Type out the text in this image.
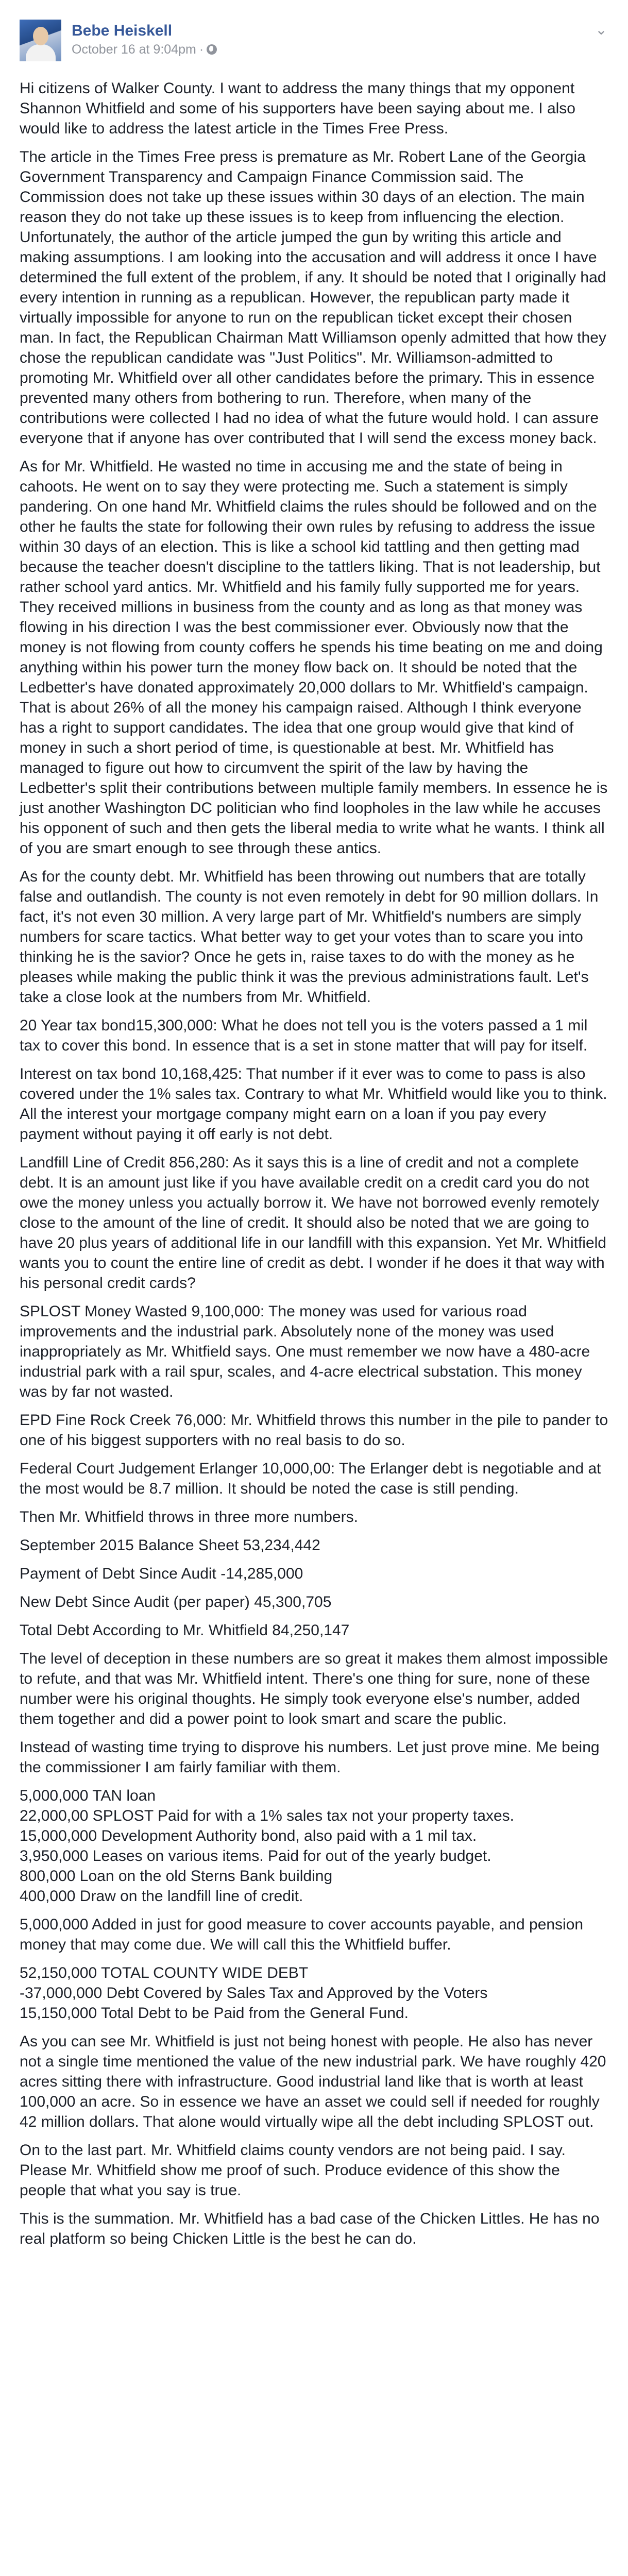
Bebe Heiskell
October 16 at 9:04pm ·
⌄

Hi citizens of Walker County. I want to address the many things that my opponent Shannon Whitfield and some of his supporters have been saying about me. I also would like to address the latest article in the Times Free Press.

The article in the Times Free press is premature as Mr. Robert Lane of the Georgia Government Transparency and Campaign Finance Commission said. The Commission does not take up these issues within 30 days of an election. The main reason they do not take up these issues is to keep from influencing the election. Unfortunately, the author of the article jumped the gun by writing this article and making assumptions. I am looking into the accusation and will address it once I have determined the full extent of the problem, if any. It should be noted that I originally had every intention in running as a republican. However, the republican party made it virtually impossible for anyone to run on the republican ticket except their chosen man. In fact, the Republican Chairman Matt Williamson openly admitted that how they chose the republican candidate was "Just Politics". Mr. Williamson-admitted to promoting Mr. Whitfield over all other candidates before the primary. This in essence prevented many others from bothering to run. Therefore, when many of the contributions were collected I had no idea of what the future would hold. I can assure everyone that if anyone has over contributed that I will send the excess money back.

As for Mr. Whitfield. He wasted no time in accusing me and the state of being in cahoots. He went on to say they were protecting me. Such a statement is simply pandering. On one hand Mr. Whitfield claims the rules should be followed and on the other he faults the state for following their own rules by refusing to address the issue within 30 days of an election. This is like a school kid tattling and then getting mad because the teacher doesn't discipline to the tattlers liking. That is not leadership, but rather school yard antics. Mr. Whitfield and his family fully supported me for years. They received millions in business from the county and as long as that money was flowing in his direction I was the best commissioner ever. Obviously now that the money is not flowing from county coffers he spends his time beating on me and doing anything within his power turn the money flow back on. It should be noted that the Ledbetter's have donated approximately 20,000 dollars to Mr. Whitfield's campaign. That is about 26% of all the money his campaign raised. Although I think everyone has a right to support candidates. The idea that one group would give that kind of money in such a short period of time, is questionable at best. Mr. Whitfield has managed to figure out how to circumvent the spirit of the law by having the Ledbetter's split their contributions between multiple family members. In essence he is just another Washington DC politician who find loopholes in the law while he accuses his opponent of such and then gets the liberal media to write what he wants. I think all of you are smart enough to see through these antics.

As for the county debt. Mr. Whitfield has been throwing out numbers that are totally false and outlandish. The county is not even remotely in debt for 90 million dollars. In fact, it's not even 30 million. A very large part of Mr. Whitfield's numbers are simply numbers for scare tactics. What better way to get your votes than to scare you into thinking he is the savior? Once he gets in, raise taxes to do with the money as he pleases while making the public think it was the previous administrations fault. Let's take a close look at the numbers from Mr. Whitfield.

20 Year tax bond15,300,000: What he does not tell you is the voters passed a 1 mil tax to cover this bond. In essence that is a set in stone matter that will pay for itself.

Interest on tax bond 10,168,425: That number if it ever was to come to pass is also covered under the 1% sales tax. Contrary to what Mr. Whitfield would like you to think. All the interest your mortgage company might earn on a loan if you pay every payment without paying it off early is not debt.

Landfill Line of Credit 856,280: As it says this is a line of credit and not a complete debt. It is an amount just like if you have available credit on a credit card you do not owe the money unless you actually borrow it. We have not borrowed evenly remotely close to the amount of the line of credit. It should also be noted that we are going to have 20 plus years of additional life in our landfill with this expansion. Yet Mr. Whitfield wants you to count the entire line of credit as debt. I wonder if he does it that way with his personal credit cards?

SPLOST Money Wasted 9,100,000: The money was used for various road improvements and the industrial park. Absolutely none of the money was used inappropriately as Mr. Whitfield says. One must remember we now have a 480-acre industrial park with a rail spur, scales, and 4-acre electrical substation. This money was by far not wasted.

EPD Fine Rock Creek 76,000: Mr. Whitfield throws this number in the pile to pander to one of his biggest supporters with no real basis to do so.

Federal Court Judgement Erlanger 10,000,00: The Erlanger debt is negotiable and at the most would be 8.7 million. It should be noted the case is still pending.

Then Mr. Whitfield throws in three more numbers.

September 2015 Balance Sheet 53,234,442

Payment of Debt Since Audit -14,285,000

New Debt Since Audit (per paper) 45,300,705

Total Debt According to Mr. Whitfield 84,250,147

The level of deception in these numbers are so great it makes them almost impossible to refute, and that was Mr. Whitfield intent. There's one thing for sure, none of these number were his original thoughts. He simply took everyone else's number, added them together and did a power point to look smart and scare the public.

Instead of wasting time trying to disprove his numbers. Let just prove mine. Me being the commissioner I am fairly familiar with them.

5,000,000 TAN loan
22,000,00 SPLOST Paid for with a 1% sales tax not your property taxes.
15,000,000 Development Authority bond, also paid with a 1 mil tax.
3,950,000 Leases on various items. Paid for out of the yearly budget.
800,000 Loan on the old Sterns Bank building
400,000 Draw on the landfill line of credit.

5,000,000 Added in just for good measure to cover accounts payable, and pension money that may come due. We will call this the Whitfield buffer.

52,150,000 TOTAL COUNTY WIDE DEBT
-37,000,000 Debt Covered by Sales Tax and Approved by the Voters
15,150,000 Total Debt to be Paid from the General Fund.

As you can see Mr. Whitfield is just not being honest with people. He also has never not a single time mentioned the value of the new industrial park. We have roughly 420 acres sitting there with infrastructure. Good industrial land like that is worth at least 100,000 an acre. So in essence we have an asset we could sell if needed for roughly 42 million dollars. That alone would virtually wipe all the debt including SPLOST out.

On to the last part. Mr. Whitfield claims county vendors are not being paid. I say. Please Mr. Whitfield show me proof of such. Produce evidence of this show the people that what you say is true.

This is the summation. Mr. Whitfield has a bad case of the Chicken Littles. He has no real platform so being Chicken Little is the best he can do.
